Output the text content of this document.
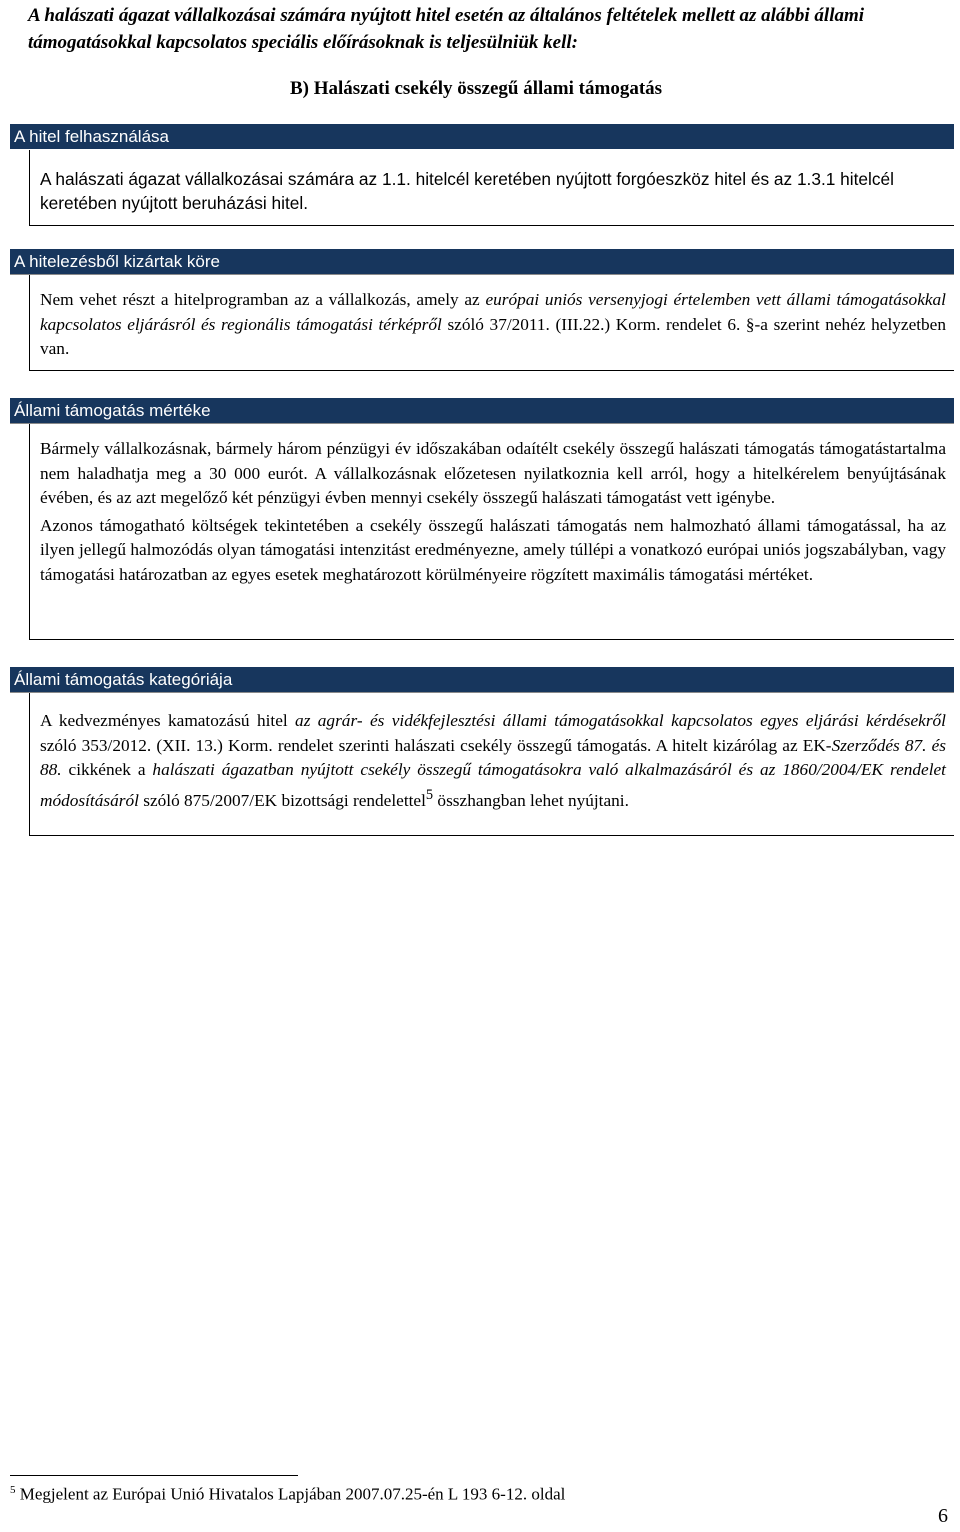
A halászati ágazat vállalkozásai számára nyújtott hitel esetén az általános feltételek mellett az alábbi állami támogatásokkal kapcsolatos speciális előírásoknak is teljesülniük kell:
B) Halászati csekély összegű állami támogatás
A hitel felhasználása

A halászati ágazat vállalkozásai számára az 1.1. hitelcél keretében nyújtott forgóeszköz hitel és az 1.3.1 hitelcél keretében nyújtott beruházási hitel.

A hitelezésből kizártak köre

Nem vehet részt a hitelprogramban az a vállalkozás, amely az európai uniós versenyjogi értelemben vett állami támogatásokkal kapcsolatos eljárásról és regionális támogatási térképről szóló 37/2011. (III.22.) Korm. rendelet 6. §-a szerint nehéz helyzetben van.

Állami támogatás mértéke

Bármely vállalkozásnak, bármely három pénzügyi év időszakában odaítélt csekély összegű halászati támogatás támogatástartalma nem haladhatja meg a 30 000 eurót. A vállalkozásnak előzetesen nyilatkoznia kell arról, hogy a hitelkérelem benyújtásának évében, és az azt megelőző két pénzügyi évben mennyi csekély összegű halászati támogatást vett igénybe.

Azonos támogatható költségek tekintetében a csekély összegű halászati támogatás nem halmozható állami támogatással, ha az ilyen jellegű halmozódás olyan támogatási intenzitást eredményezne, amely túllépi a vonatkozó európai uniós jogszabályban, vagy támogatási határozatban az egyes esetek meghatározott körülményeire rögzített maximális támogatási mértéket.

Állami támogatás kategóriája

A kedvezményes kamatozású hitel az agrár- és vidékfejlesztési állami támogatásokkal kapcsolatos egyes eljárási kérdésekről szóló 353/2012. (XII. 13.) Korm. rendelet szerinti halászati csekély összegű támogatás. A hitelt kizárólag az EK-Szerződés 87. és 88. cikkének a halászati ágazatban nyújtott csekély összegű támogatásokra való alkalmazásáról és az 1860/2004/EK rendelet módosításáról szóló 875/2007/EK bizottsági rendelettel$^5$ összhangban lehet nyújtani.

$^5$ Megjelent az Európai Unió Hivatalos Lapjában 2007.07.25-én L 193 6-12. oldal
6
